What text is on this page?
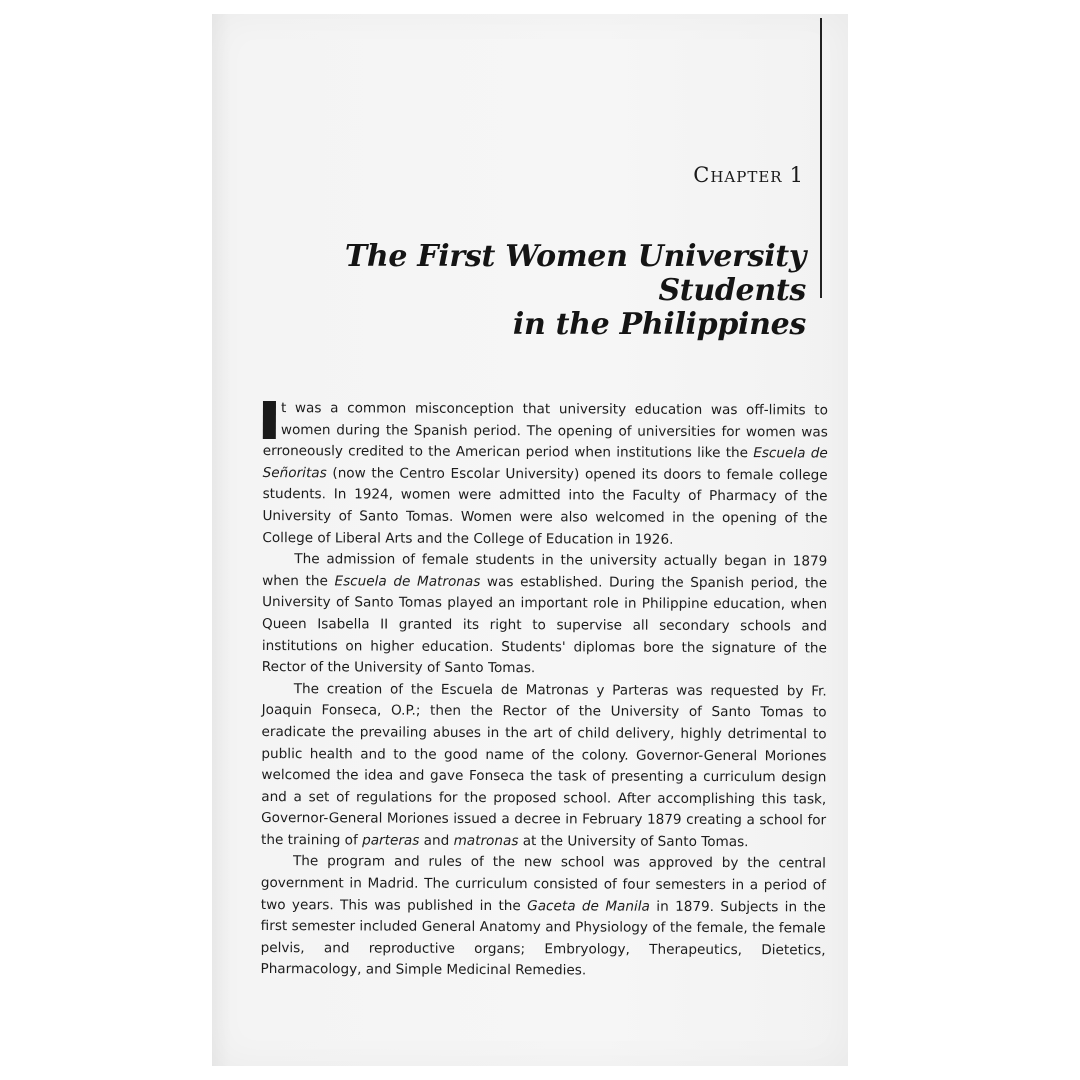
CHAPTER 1
The First Women University Students
in the Philippines

t was a common misconception that university education was off-limits to women during the Spanish period. The opening of universities for women was erroneously credited to the American period when institutions like the Escuela de Señoritas (now the Centro Escolar University) opened its doors to female college students. In 1924, women were admitted into the Faculty of Pharmacy of the University of Santo Tomas. Women were also welcomed in the opening of the College of Liberal Arts and the College of Education in 1926.

The admission of female students in the university actually began in 1879 when the Escuela de Matronas was established. During the Spanish period, the University of Santo Tomas played an important role in Philippine education, when Queen Isabella II granted its right to supervise all secondary schools and institutions on higher education. Students' diplomas bore the signature of the Rector of the University of Santo Tomas.

The creation of the Escuela de Matronas y Parteras was requested by Fr. Joaquin Fonseca, O.P.; then the Rector of the University of Santo Tomas to eradicate the prevailing abuses in the art of child delivery, highly detrimental to public health and to the good name of the colony. Governor-General Moriones welcomed the idea and gave Fonseca the task of presenting a curriculum design and a set of regulations for the proposed school. After accomplishing this task, Governor-General Moriones issued a decree in February 1879 creating a school for the training of parteras and matronas at the University of Santo Tomas.

The program and rules of the new school was approved by the central government in Madrid. The curriculum consisted of four semesters in a period of two years. This was published in the Gaceta de Manila in 1879. Subjects in the first semester included General Anatomy and Physiology of the female, the female pelvis, and reproductive organs; Embryology, Therapeutics, Dietetics, Pharmacology, and Simple Medicinal Remedies.
